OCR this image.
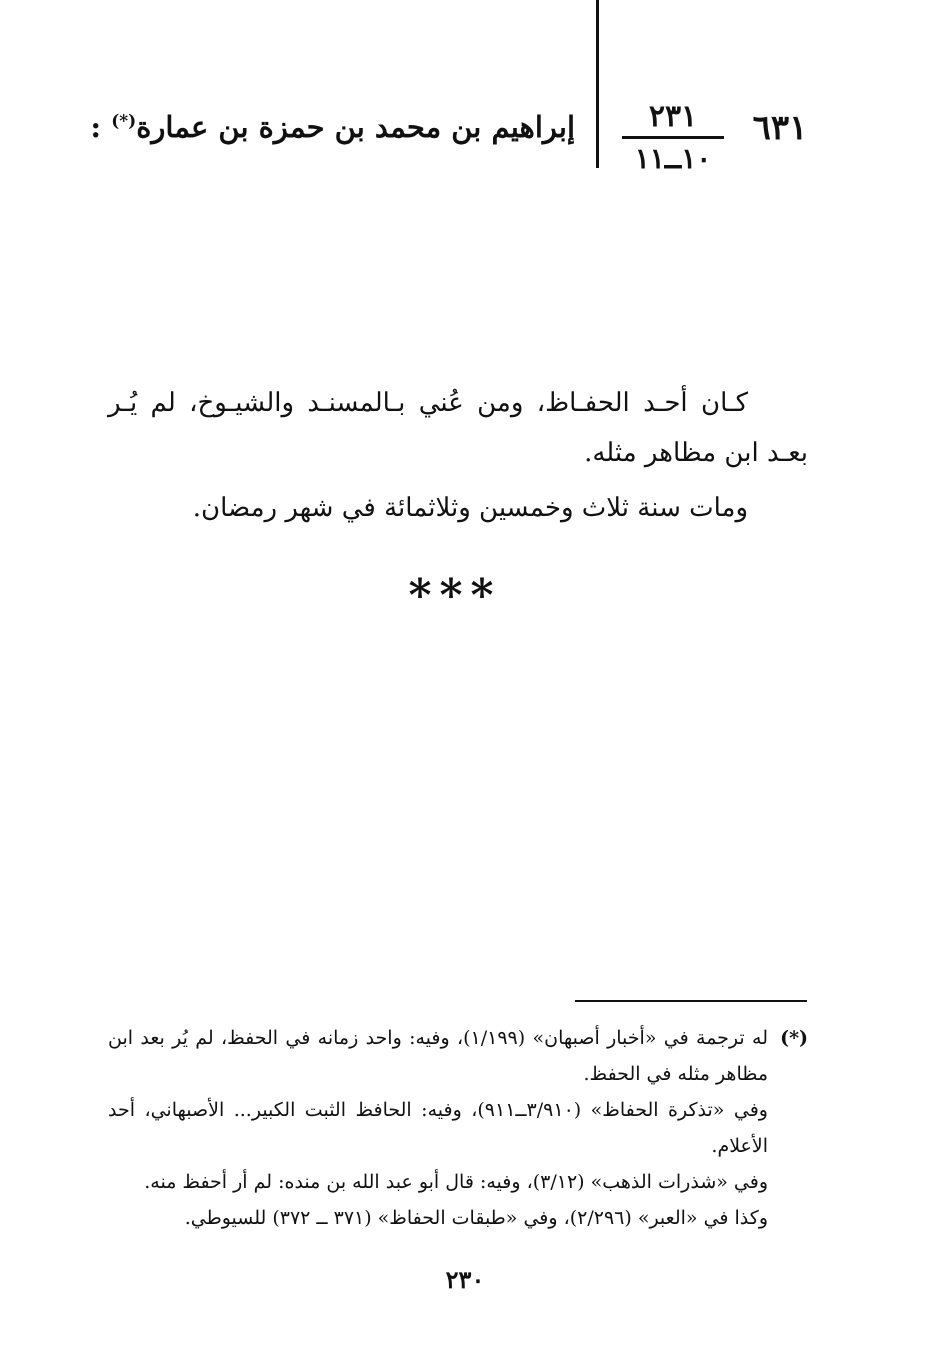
٦٣١
٢٣١
١٠ــ١١
إبراهيم بن محمد بن حمزة بن عمارة(*) :
كـان أحـد الحفـاظ، ومن عُني بـالمسنـد والشيـوخ، لم يُـر بعـد ابن مظاهر مثله.
ومات سنة ثلاث وخمسين وثلاثمائة في شهر رمضان.
***
(*)
له ترجمة في «أخبار أصبهان» (١/١٩٩)، وفيه: واحد زمانه في الحفظ، لم يُر بعد ابن مظاهر مثله في الحفظ.
وفي «تذكرة الحفاظ» (٣/٩١٠ــ٩١١)، وفيه: الحافظ الثبت الكبير... الأصبهاني، أحد الأعلام.
وفي «شذرات الذهب» (٣/١٢)، وفيه: قال أبو عبد الله بن منده: لم أر أحفظ منه.
وكذا في «العبر» (٢/٢٩٦)، وفي «طبقات الحفاظ» (٣٧١ ــ ٣٧٢) للسيوطي.
٢٣٠
